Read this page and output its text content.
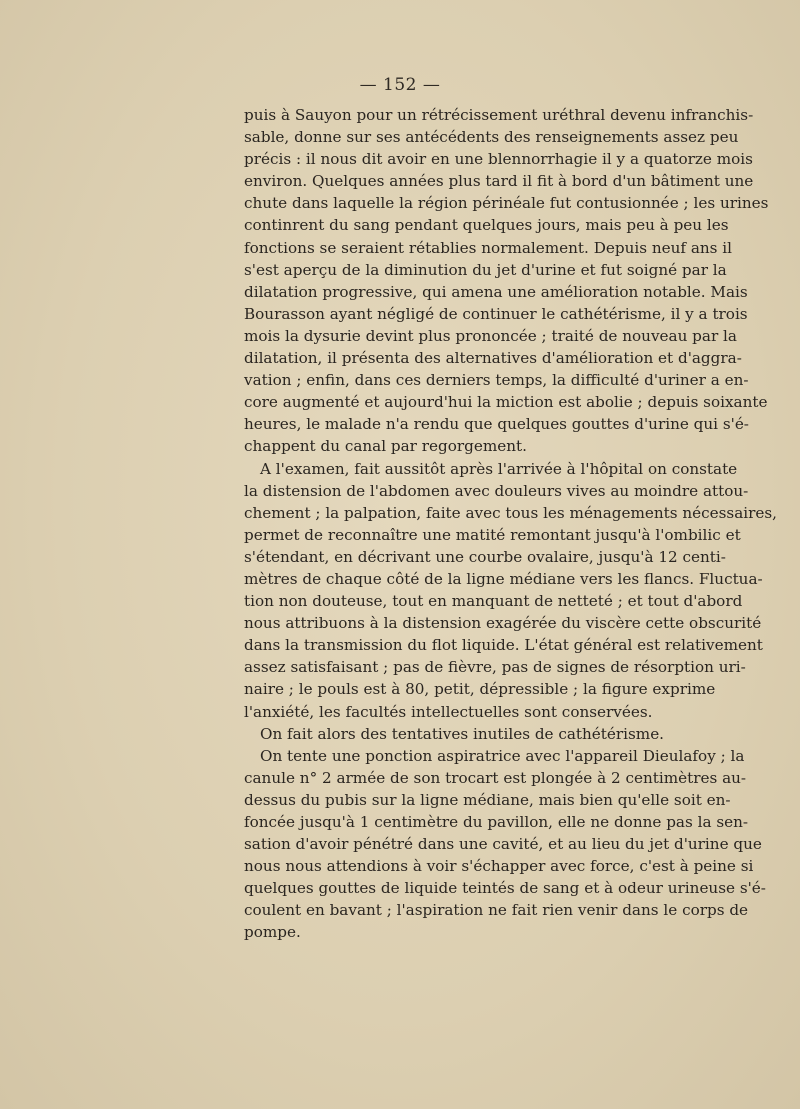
— 152 —
puis à Sauyon pour un rétrécissement uréthral devenu infranchis-
sable, donne sur ses antécédents des renseignements assez peu
précis : il nous dit avoir en une blennorrhagie il y a quatorze mois
environ. Quelques années plus tard il fit à bord d'un bâtiment une
chute dans laquelle la région périnéale fut contusionnée ; les urines
continrent du sang pendant quelques jours, mais peu à peu les
fonctions se seraient rétablies normalement. Depuis neuf ans il
s'est aperçu de la diminution du jet d'urine et fut soigné par la
dilatation progressive, qui amena une amélioration notable. Mais
Bourasson ayant négligé de continuer le cathétérisme, il y a trois
mois la dysurie devint plus prononcée ; traité de nouveau par la
dilatation, il présenta des alternatives d'amélioration et d'aggra-
vation ; enfin, dans ces derniers temps, la difficulté d'uriner a en-
core augmenté et aujourd'hui la miction est abolie ; depuis soixante
heures, le malade n'a rendu que quelques gouttes d'urine qui s'é-
chappent du canal par regorgement.
A l'examen, fait aussitôt après l'arrivée à l'hôpital on constate
la distension de l'abdomen avec douleurs vives au moindre attou-
chement ; la palpation, faite avec tous les ménagements nécessaires,
permet de reconnaître une matité remontant jusqu'à l'ombilic et
s'étendant, en décrivant une courbe ovalaire, jusqu'à 12 centi-
mètres de chaque côté de la ligne médiane vers les flancs. Fluctua-
tion non douteuse, tout en manquant de netteté ; et tout d'abord
nous attribuons à la distension exagérée du viscère cette obscurité
dans la transmission du flot liquide. L'état général est relativement
assez satisfaisant ; pas de fièvre, pas de signes de résorption uri-
naire ; le pouls est à 80, petit, dépressible ; la figure exprime
l'anxiété, les facultés intellectuelles sont conservées.
On fait alors des tentatives inutiles de cathétérisme.
On tente une ponction aspiratrice avec l'appareil Dieulafoy ; la
canule n° 2 armée de son trocart est plongée à 2 centimètres au-
dessus du pubis sur la ligne médiane, mais bien qu'elle soit en-
foncée jusqu'à 1 centimètre du pavillon, elle ne donne pas la sen-
sation d'avoir pénétré dans une cavité, et au lieu du jet d'urine que
nous nous attendions à voir s'échapper avec force, c'est à peine si
quelques gouttes de liquide teintés de sang et à odeur urineuse s'é-
coulent en bavant ; l'aspiration ne fait rien venir dans le corps de
pompe.
